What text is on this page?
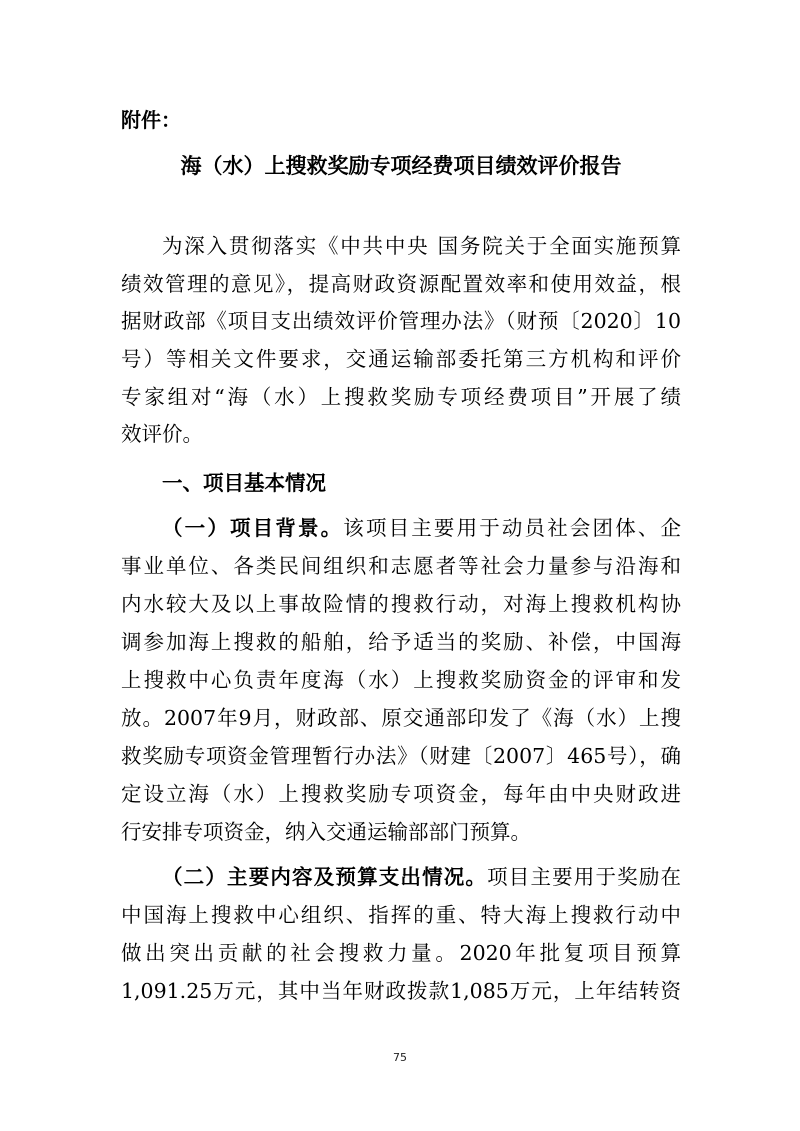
附件：
海（水）上搜救奖励专项经费项目绩效评价报告
为深入贯彻落实《中共中央 国务院关于全面实施预算
绩效管理的意见》，提高财政资源配置效率和使用效益，根
据财政部《项目支出绩效评价管理办法》（财预〔2020〕10
号）等相关文件要求，交通运输部委托第三方机构和评价
专家组对“海（水）上搜救奖励专项经费项目”开展了绩
效评价。
一、项目基本情况
（一）项目背景。该项目主要用于动员社会团体、企
事业单位、各类民间组织和志愿者等社会力量参与沿海和
内水较大及以上事故险情的搜救行动，对海上搜救机构协
调参加海上搜救的船舶，给予适当的奖励、补偿，中国海
上搜救中心负责年度海（水）上搜救奖励资金的评审和发
放。2007年9月，财政部、原交通部印发了《海（水）上搜
救奖励专项资金管理暂行办法》（财建〔2007〕465号），确
定设立海（水）上搜救奖励专项资金，每年由中央财政进
行安排专项资金，纳入交通运输部部门预算。
（二）主要内容及预算支出情况。项目主要用于奖励在
中国海上搜救中心组织、指挥的重、特大海上搜救行动中
做出突出贡献的社会搜救力量。2020年批复项目预算
1,091.25万元，其中当年财政拨款1,085万元，上年结转资
75
